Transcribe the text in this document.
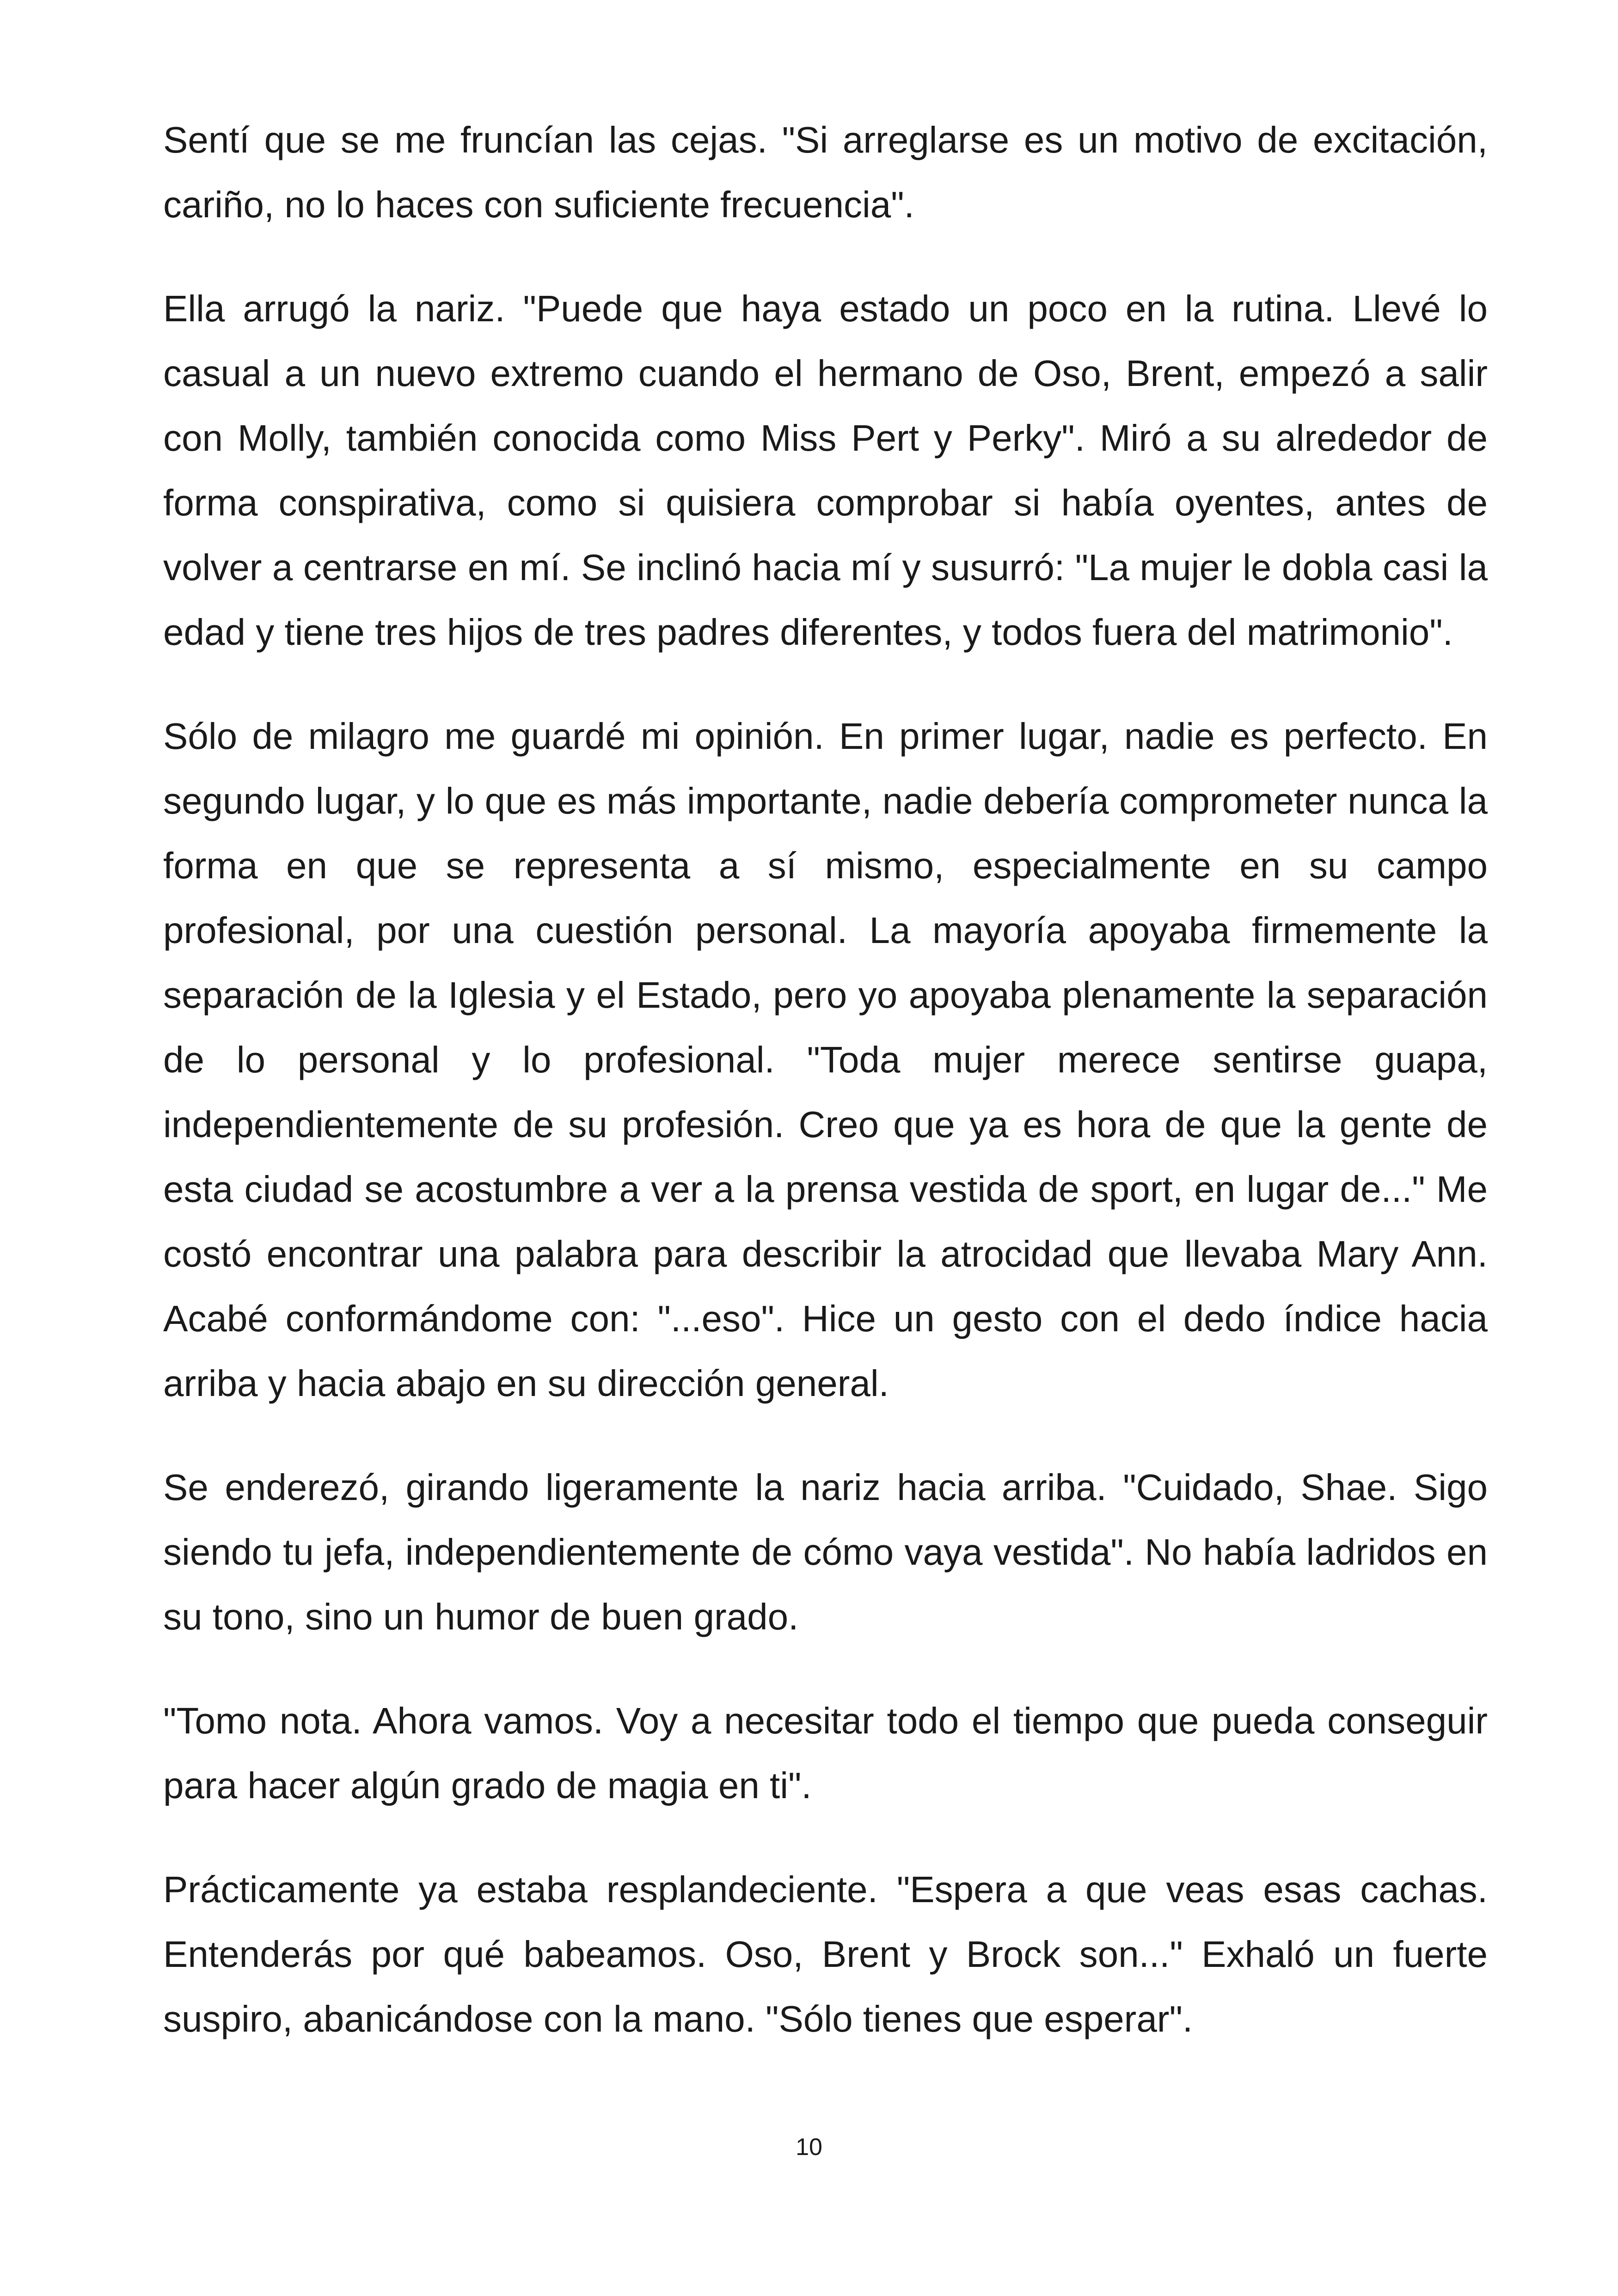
Sentí que se me fruncían las cejas. "Si arreglarse es un motivo de excitación, cariño, no lo haces con suficiente frecuencia".

Ella arrugó la nariz. "Puede que haya estado un poco en la rutina. Llevé lo casual a un nuevo extremo cuando el hermano de Oso, Brent, empezó a salir con Molly, también conocida como Miss Pert y Perky". Miró a su alrededor de forma conspirativa, como si quisiera comprobar si había oyentes, antes de volver a centrarse en mí. Se inclinó hacia mí y susurró: "La mujer le dobla casi la edad y tiene tres hijos de tres padres diferentes, y todos fuera del matrimonio".

Sólo de milagro me guardé mi opinión. En primer lugar, nadie es perfecto. En segundo lugar, y lo que es más importante, nadie debería comprometer nunca la forma en que se representa a sí mismo, especialmente en su campo profesional, por una cuestión personal. La mayoría apoyaba firmemente la separación de la Iglesia y el Estado, pero yo apoyaba plenamente la separación de lo personal y lo profesional. "Toda mujer merece sentirse guapa, independientemente de su profesión. Creo que ya es hora de que la gente de esta ciudad se acostumbre a ver a la prensa vestida de sport, en lugar de..." Me costó encontrar una palabra para describir la atrocidad que llevaba Mary Ann. Acabé conformándome con: "...eso". Hice un gesto con el dedo índice hacia arriba y hacia abajo en su dirección general.

Se enderezó, girando ligeramente la nariz hacia arriba. "Cuidado, Shae. Sigo siendo tu jefa, independientemente de cómo vaya vestida". No había ladridos en su tono, sino un humor de buen grado.

"Tomo nota. Ahora vamos. Voy a necesitar todo el tiempo que pueda conseguir para hacer algún grado de magia en ti".

Prácticamente ya estaba resplandeciente. "Espera a que veas esas cachas. Entenderás por qué babeamos. Oso, Brent y Brock son..." Exhaló un fuerte suspiro, abanicándose con la mano. "Sólo tienes que esperar".

10
